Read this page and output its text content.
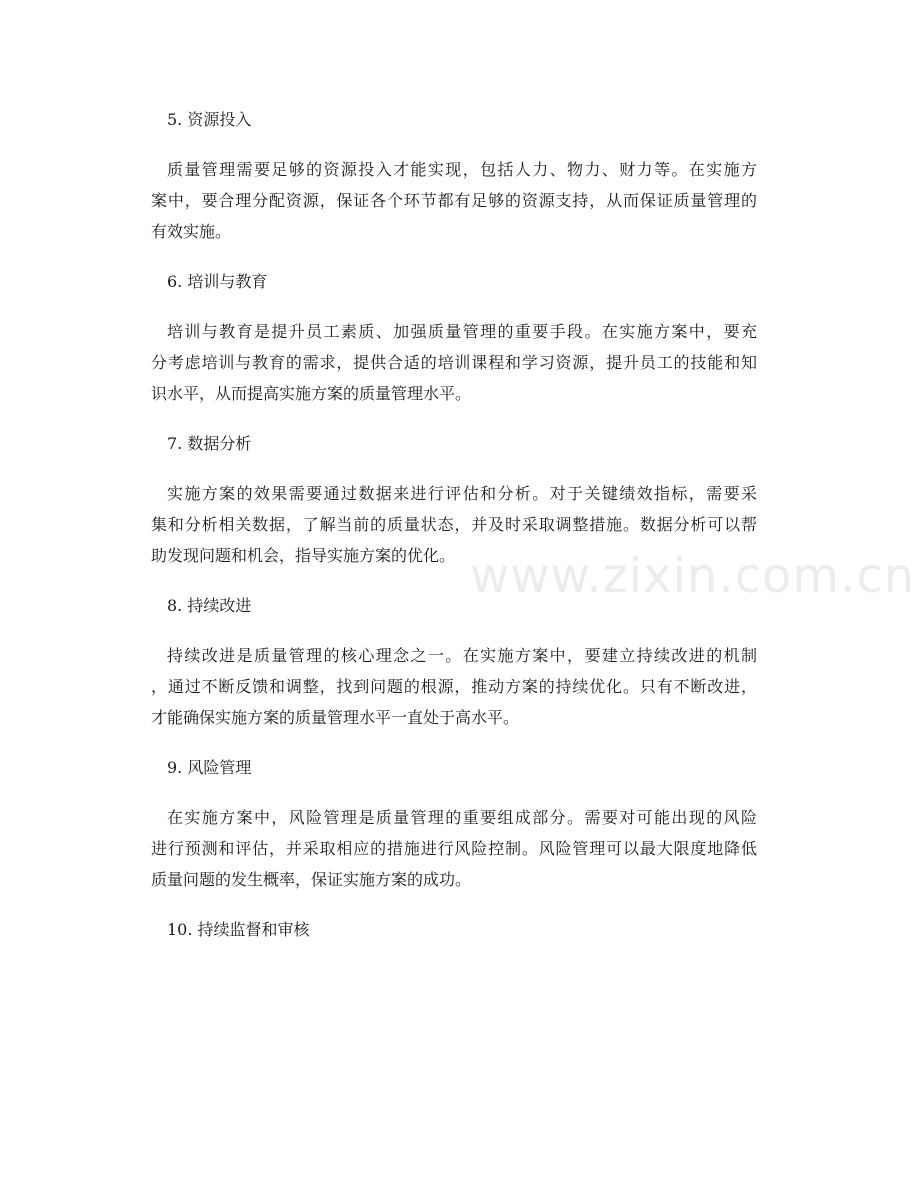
5. 资源投入
质量管理需要足够的资源投入才能实现，包括人力、物力、财力等。在实施方
案中，要合理分配资源，保证各个环节都有足够的资源支持，从而保证质量管理的
有效实施。
6. 培训与教育
培训与教育是提升员工素质、加强质量管理的重要手段。在实施方案中，要充
分考虑培训与教育的需求，提供合适的培训课程和学习资源，提升员工的技能和知
识水平，从而提高实施方案的质量管理水平。
7. 数据分析
实施方案的效果需要通过数据来进行评估和分析。对于关键绩效指标，需要采
集和分析相关数据，了解当前的质量状态，并及时采取调整措施。数据分析可以帮
助发现问题和机会，指导实施方案的优化。
8. 持续改进
持续改进是质量管理的核心理念之一。在实施方案中，要建立持续改进的机制
，通过不断反馈和调整，找到问题的根源，推动方案的持续优化。只有不断改进，
才能确保实施方案的质量管理水平一直处于高水平。
9. 风险管理
在实施方案中，风险管理是质量管理的重要组成部分。需要对可能出现的风险
进行预测和评估，并采取相应的措施进行风险控制。风险管理可以最大限度地降低
质量问题的发生概率，保证实施方案的成功。
10. 持续监督和审核
www.zixin.com.cn
